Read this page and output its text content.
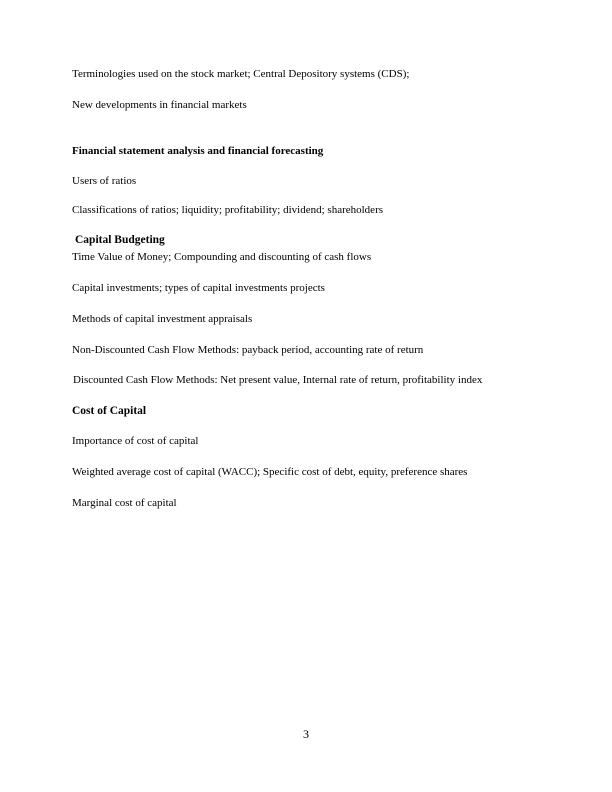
Terminologies used on the stock market; Central Depository systems (CDS);
New developments in financial markets
Financial statement analysis and financial forecasting
Users of ratios
Classifications of ratios; liquidity; profitability; dividend; shareholders
Capital Budgeting
Time Value of Money; Compounding and discounting of cash flows
Capital investments; types of capital investments projects
Methods of capital investment appraisals
Non-Discounted Cash Flow Methods: payback period, accounting rate of return
Discounted Cash Flow Methods: Net present value, Internal rate of return, profitability index
Cost of Capital
Importance of cost of capital
Weighted average cost of capital (WACC); Specific cost of debt, equity, preference shares
Marginal cost of capital
3
